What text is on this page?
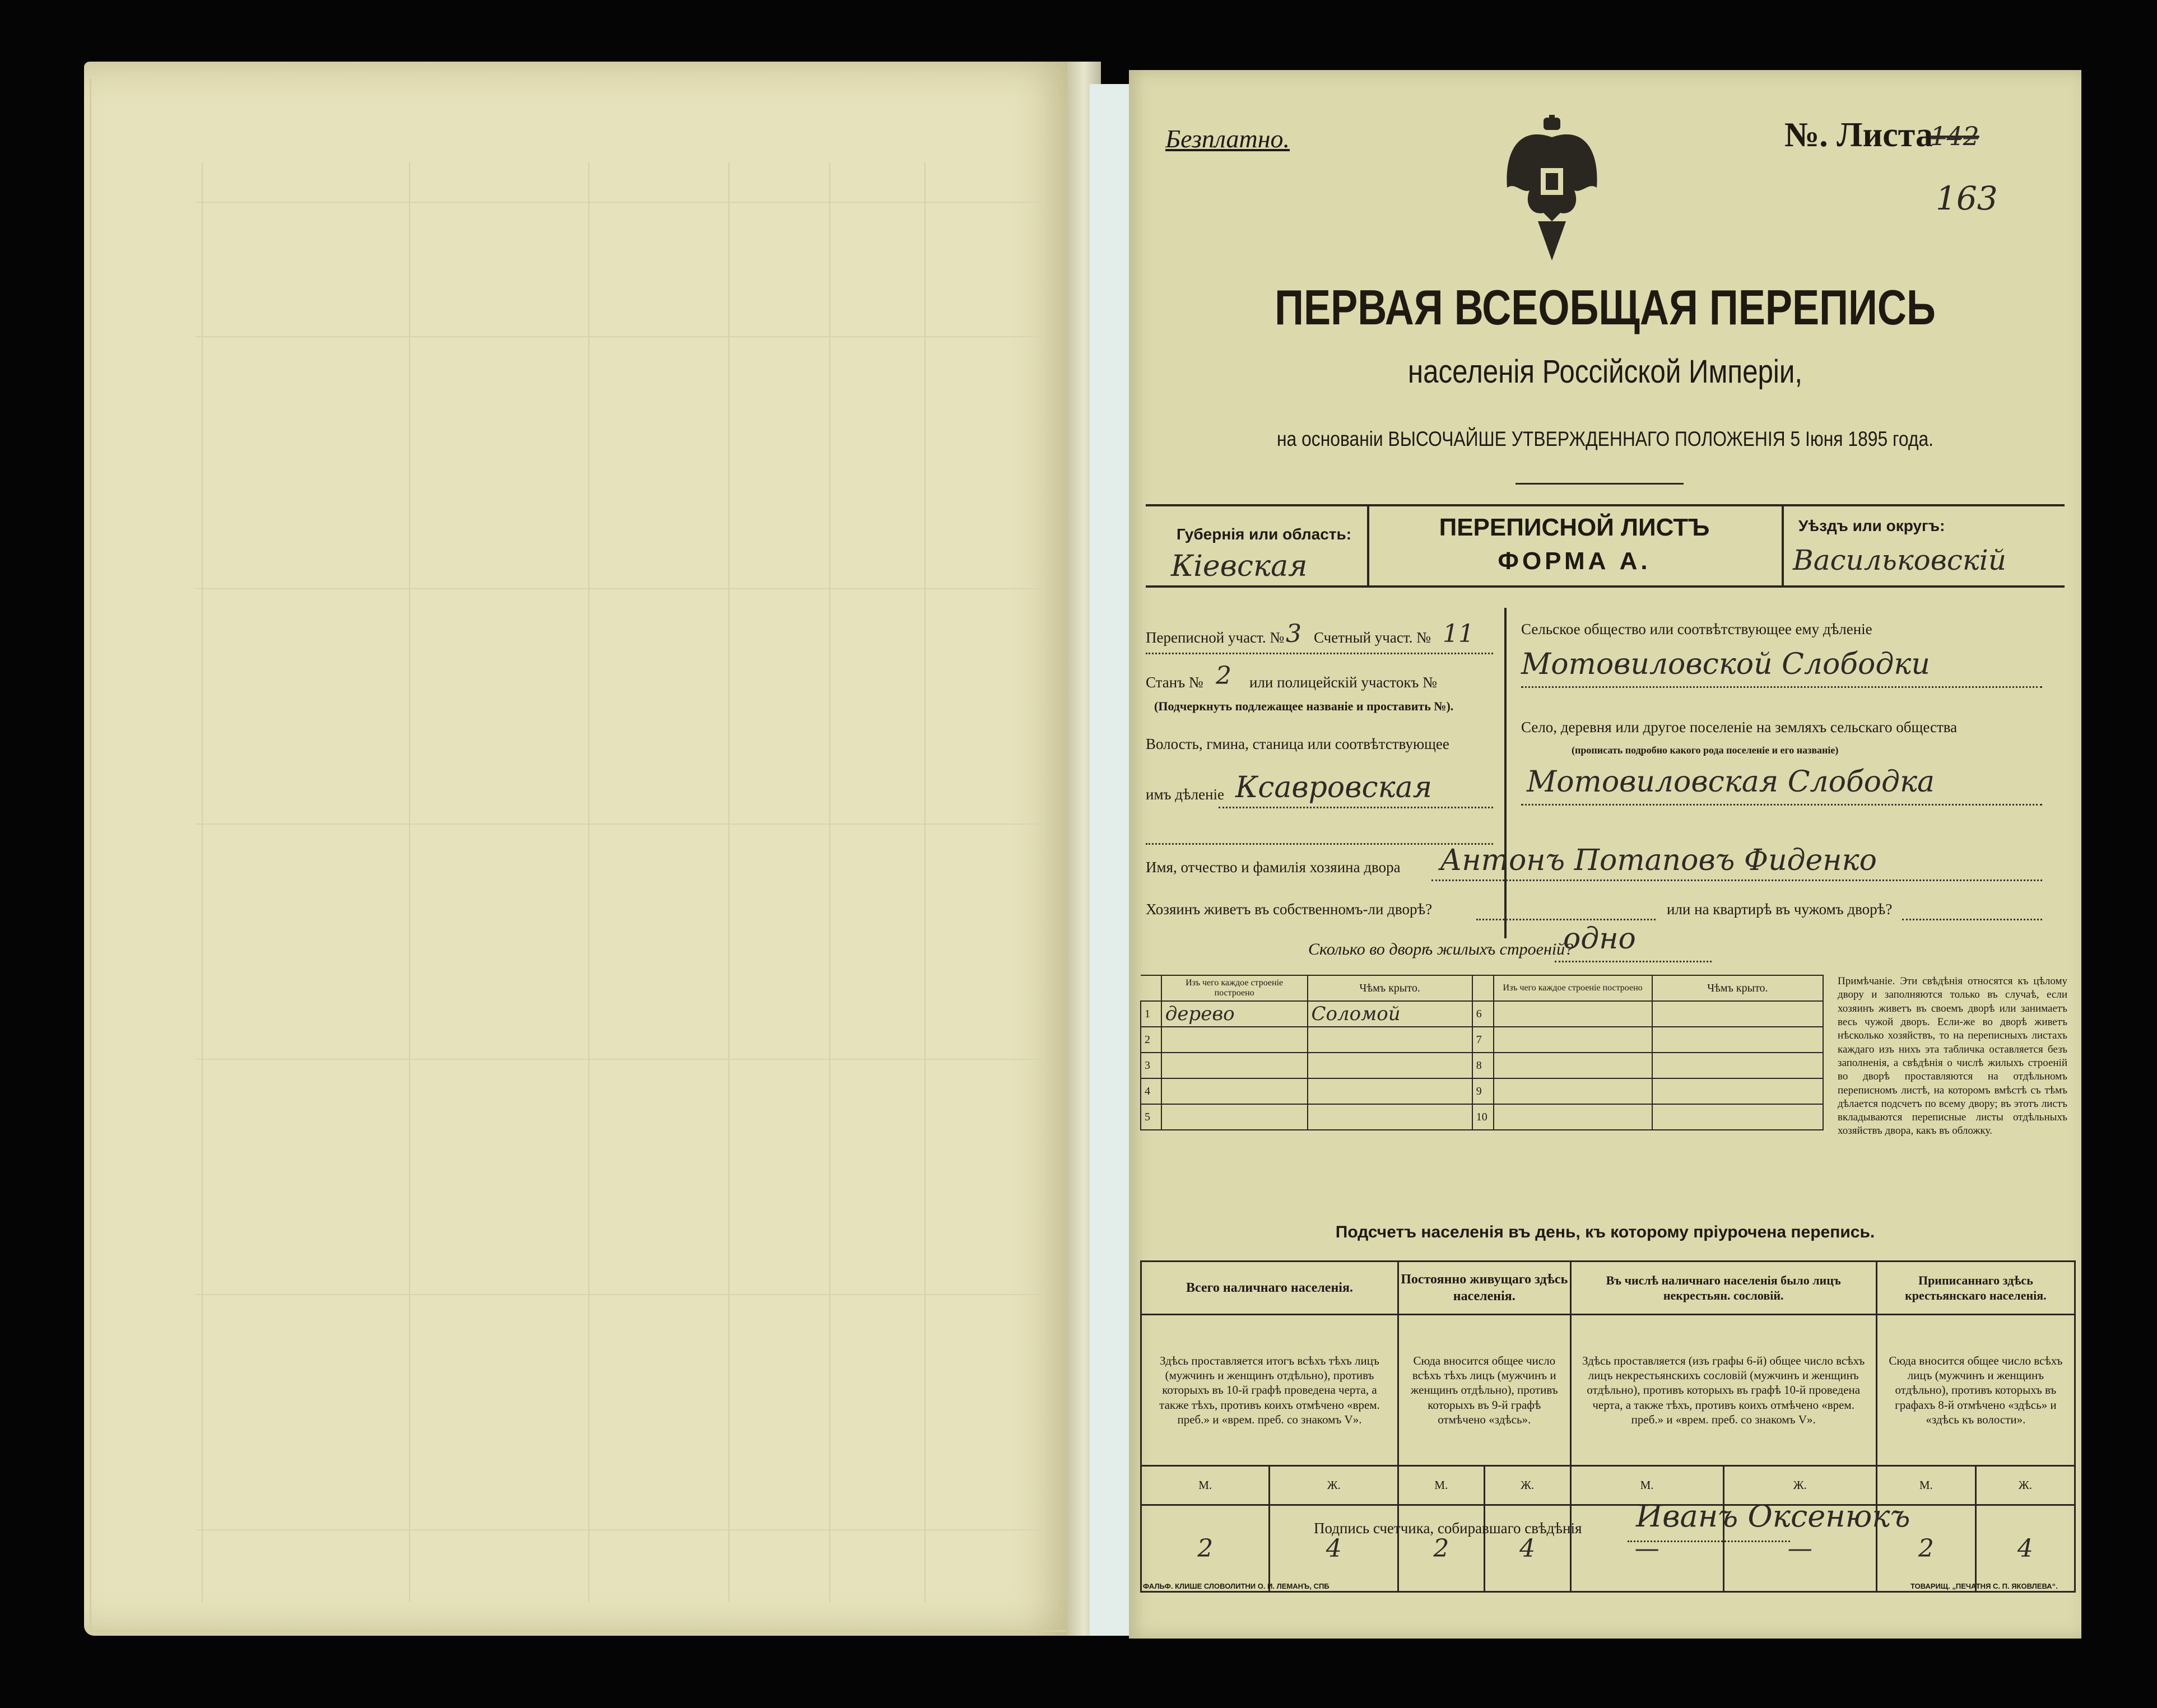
Безплатно.	№. Листа
1̶4̶2̶
163
ПЕРВАЯ ВСЕОБЩАЯ ПЕРЕПИСЬ
населенія Россійской Имперіи,
на основаніи ВЫСОЧАЙШЕ УТВЕРЖДЕННАГО ПОЛОЖЕНІЯ 5 Іюня 1895 года.
Губернія или область:
Кіевская
ПЕРЕПИСНОЙ ЛИСТЪ
ФОРМА А.
Уѣздъ или округъ:
Васильковскій
Переписной участ. № 3 Счетный участ. № 11
Станъ № 2 или полицейскій участокъ №
(Подчеркнуть подлежащее названіе и проставить №).
Волость, гмина, станица или соотвѣтствующее
имъ дѣленіе Ксавровская
Сельское общество или соотвѣтствующее ему дѣленіе
Мотовиловской Слободки
Село, деревня или другое поселеніе на земляхъ сельскаго общества
(прописать подробно какого рода поселеніе и его названіе)
Мотовиловская Слободка
Имя, отчество и фамилія хозяина двора Антонъ Потаповъ Фиденко
Хозяинъ живетъ въ собственномъ-ли дворѣ?	или на квартирѣ въ чужомъ дворѣ?
Сколько во дворѣ жилыхъ строеній?
одно
	Изъ чего каждое строеніе построено	Чѣмъ крыто.		Изъ чего каждое строеніе построено	Чѣмъ крыто.
1	дерево	Соломой	6		
2			7		
3			8		
4			9		
5			10		
Примѣчаніе. Эти свѣдѣнія относятся къ цѣлому двору и заполняются только въ случаѣ, если хозяинъ живетъ въ своемъ дворѣ или занимаетъ весь чужой дворъ. Если-же во дворѣ живетъ нѣсколько хозяйствъ, то на переписныхъ листахъ каждаго изъ нихъ эта табличка оставляется безъ заполненія, а свѣдѣнія о числѣ жилыхъ строеній во дворѣ проставляются на отдѣльномъ переписномъ листѣ, на которомъ вмѣстѣ съ тѣмъ дѣлается подсчетъ по всему двору; въ этотъ листъ вкладываются переписные листы отдѣльныхъ хозяйствъ двора, какъ въ обложку.
Подсчетъ населенія въ день, къ которому пріурочена перепись.
Всего наличнаго населенія.		Постоянно живущаго здѣсь населенія.		Въ числѣ наличнаго населенія было лицъ некрестьян. сословій.		Приписаннаго здѣсь крестьянскаго населенія.	
Здѣсь проставляется итогъ всѣхъ тѣхъ лицъ (мужчинъ и женщинъ отдѣльно), противъ которыхъ въ 10-й графѣ проведена черта, а также тѣхъ, противъ коихъ отмѣчено «врем. преб.» и «врем. преб. со знакомъ V».		Сюда вносится общее число всѣхъ тѣхъ лицъ (мужчинъ и женщинъ отдѣльно), противъ которыхъ въ 9-й графѣ отмѣчено «здѣсь».		Здѣсь проставляется (изъ графы 6-й) общее число всѣхъ лицъ некрестьянскихъ сословій (мужчинъ и женщинъ отдѣльно), противъ которыхъ въ графѣ 10-й проведена черта, а также тѣхъ, противъ коихъ отмѣчено «врем. преб.» и «врем. преб. со знакомъ V».		Сюда вносится общее число всѣхъ лицъ (мужчинъ и женщинъ отдѣльно), противъ которыхъ въ графахъ 8-й отмѣчено «здѣсь» и «здѣсь къ волости».	
М.	Ж.	М.	Ж.	М.	Ж.	М.	Ж.
2	4	2	4	—	—	2	4
Подпись счетчика, собиравшаго свѣдѣнія Иванъ Оксенюкъ
ФАЛЬФ. КЛИШЕ СЛОВОЛИТНИ О. И. ЛЕМАНЪ, СПБ	ТОВАРИЩ. „ПЕЧАТНЯ С. П. ЯКОВЛЕВА“.
